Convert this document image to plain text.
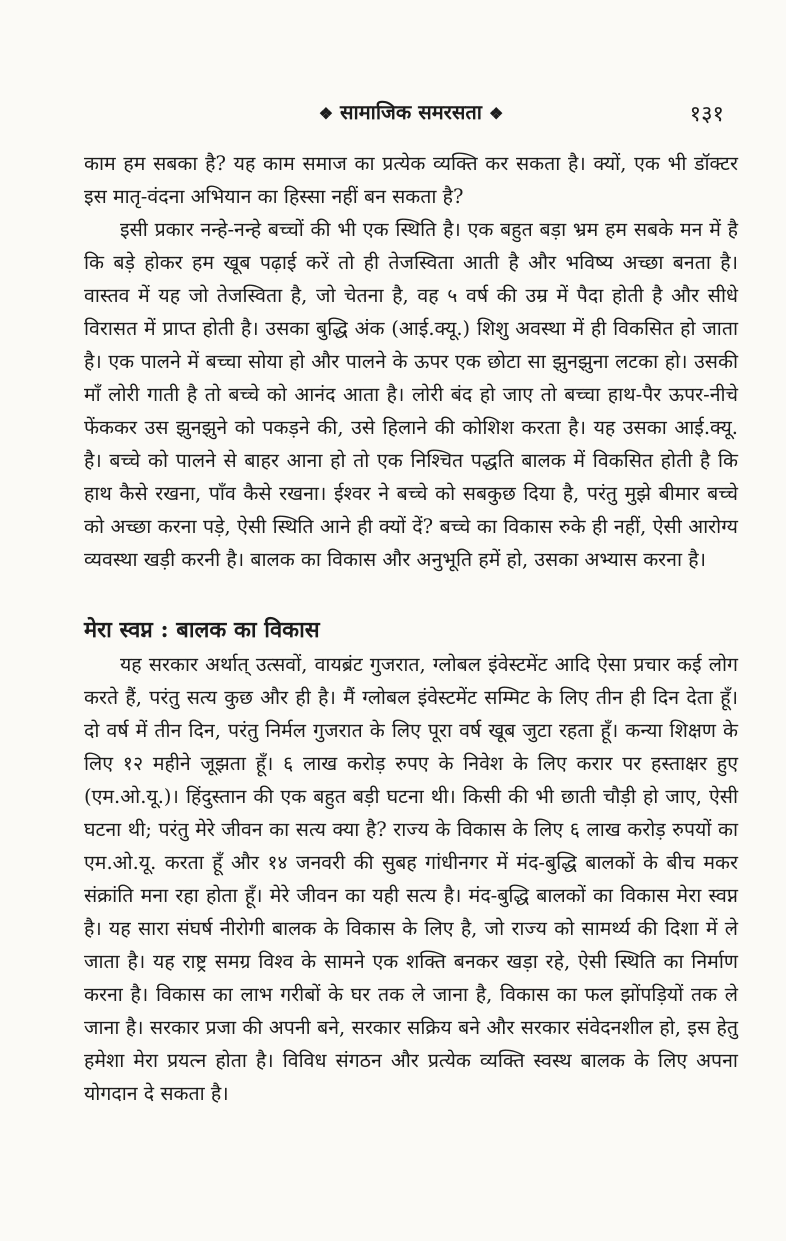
❖ सामाजिक समरसता ❖	१३१

काम हम सबका है? यह काम समाज का प्रत्येक व्यक्ति कर सकता है। क्यों, एक भी डॉक्टर इस मातृ-वंदना अभियान का हिस्सा नहीं बन सकता है?

इसी प्रकार नन्हे-नन्हे बच्चों की भी एक स्थिति है। एक बहुत बड़ा भ्रम हम सबके मन में है कि बड़े होकर हम खूब पढ़ाई करें तो ही तेजस्विता आती है और भविष्य अच्छा बनता है। वास्तव में यह जो तेजस्विता है, जो चेतना है, वह ५ वर्ष की उम्र में पैदा होती है और सीधे विरासत में प्राप्त होती है। उसका बुद्धि अंक (आई.क्यू.) शिशु अवस्था में ही विकसित हो जाता है। एक पालने में बच्चा सोया हो और पालने के ऊपर एक छोटा सा झुनझुना लटका हो। उसकी माँ लोरी गाती है तो बच्चे को आनंद आता है। लोरी बंद हो जाए तो बच्चा हाथ-पैर ऊपर-नीचे फेंककर उस झुनझुने को पकड़ने की, उसे हिलाने की कोशिश करता है। यह उसका आई.क्यू. है। बच्चे को पालने से बाहर आना हो तो एक निश्चित पद्धति बालक में विकसित होती है कि हाथ कैसे रखना, पाँव कैसे रखना। ईश्वर ने बच्चे को सबकुछ दिया है, परंतु मुझे बीमार बच्चे को अच्छा करना पड़े, ऐसी स्थिति आने ही क्यों दें? बच्चे का विकास रुके ही नहीं, ऐसी आरोग्य व्यवस्था खड़ी करनी है। बालक का विकास और अनुभूति हमें हो, उसका अभ्यास करना है।

मेरा स्वप्न : बालक का विकास

यह सरकार अर्थात् उत्सवों, वायब्रंट गुजरात, ग्लोबल इंवेस्टमेंट आदि ऐसा प्रचार कई लोग करते हैं, परंतु सत्य कुछ और ही है। मैं ग्लोबल इंवेस्टमेंट सम्मिट के लिए तीन ही दिन देता हूँ। दो वर्ष में तीन दिन, परंतु निर्मल गुजरात के लिए पूरा वर्ष खूब जुटा रहता हूँ। कन्या शिक्षण के लिए १२ महीने जूझता हूँ। ६ लाख करोड़ रुपए के निवेश के लिए करार पर हस्ताक्षर हुए (एम.ओ.यू.)। हिंदुस्तान की एक बहुत बड़ी घटना थी। किसी की भी छाती चौड़ी हो जाए, ऐसी घटना थी; परंतु मेरे जीवन का सत्य क्या है? राज्य के विकास के लिए ६ लाख करोड़ रुपयों का एम.ओ.यू. करता हूँ और १४ जनवरी की सुबह गांधीनगर में मंद-बुद्धि बालकों के बीच मकर संक्रांति मना रहा होता हूँ। मेरे जीवन का यही सत्य है। मंद-बुद्धि बालकों का विकास मेरा स्वप्न है। यह सारा संघर्ष नीरोगी बालक के विकास के लिए है, जो राज्य को सामर्थ्य की दिशा में ले जाता है। यह राष्ट्र समग्र विश्व के सामने एक शक्ति बनकर खड़ा रहे, ऐसी स्थिति का निर्माण करना है। विकास का लाभ गरीबों के घर तक ले जाना है, विकास का फल झोंपड़ियों तक ले जाना है। सरकार प्रजा की अपनी बने, सरकार सक्रिय बने और सरकार संवेदनशील हो, इस हेतु हमेशा मेरा प्रयत्न होता है। विविध संगठन और प्रत्येक व्यक्ति स्वस्थ बालक के लिए अपना योगदान दे सकता है।
